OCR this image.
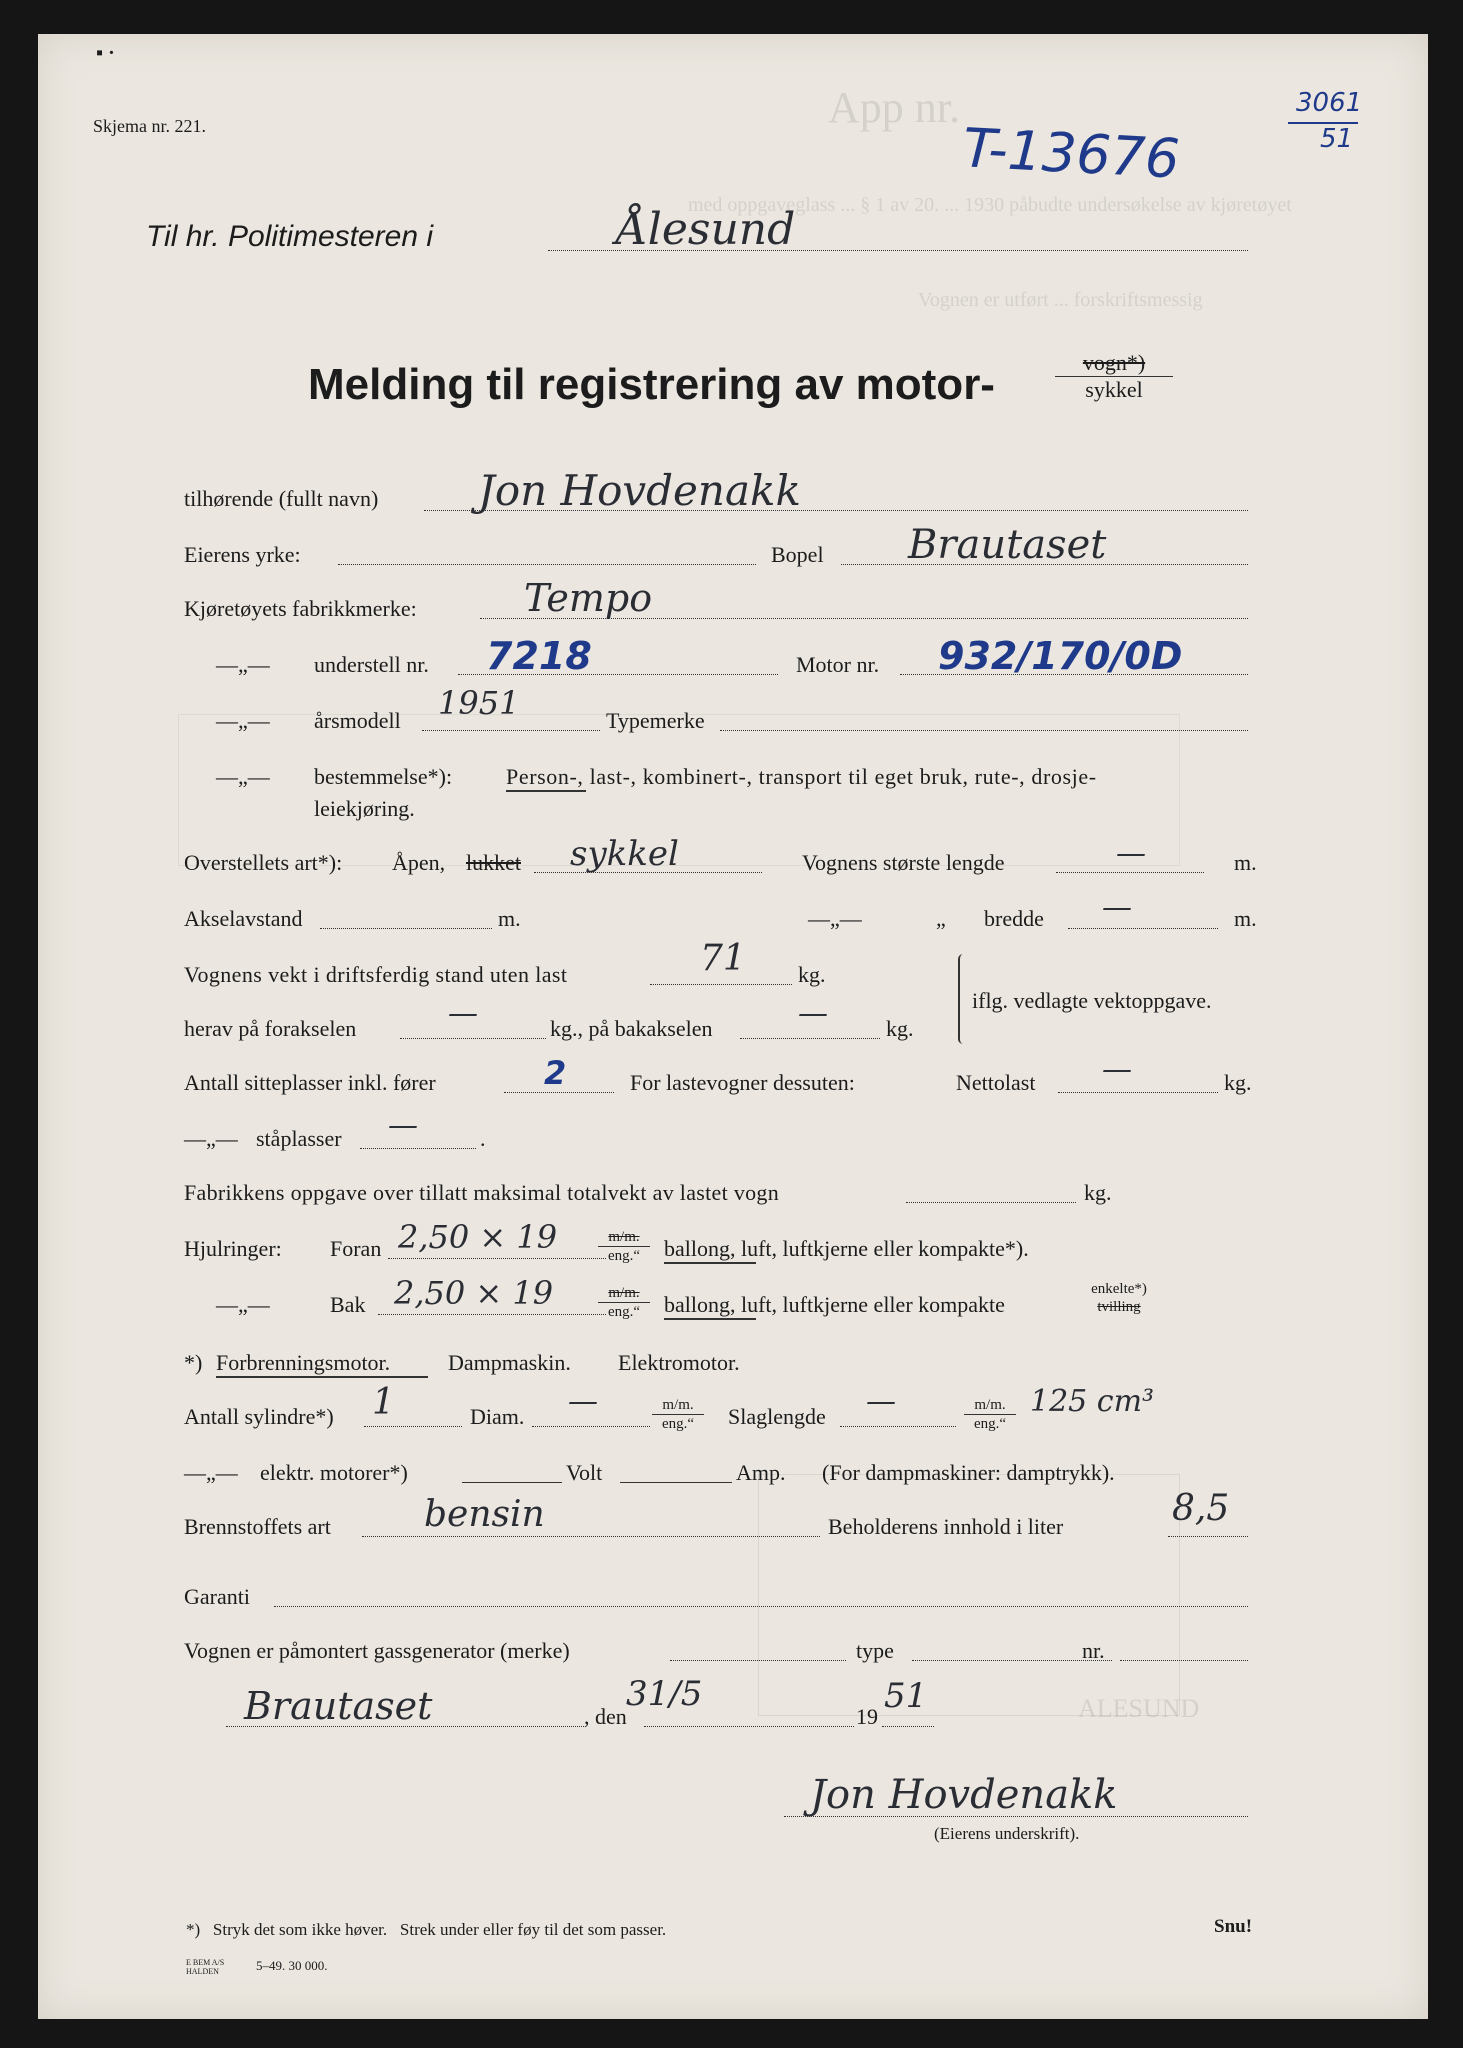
App nr.
med oppgaveglass ... § 1 av 20. ... 1930 påbudte undersøkelse av kjøretøyet
Vognen er utført ... forskriftsmessig
ALESUND
▪ ·
Skjema nr. 221.	T-13676
3061
51
Til hr. Politimesteren i	Ålesund
Melding til registrering av motor-	vogn*)
sykkel
tilhørende (fullt navn) Jon Hovdenakk
Eierens yrke:	Bopel Brautaset
Kjøretøyets fabrikkmerke:	Tempo
—„— understell nr. 7218	Motor nr. 932/170/0D
—„— årsmodell 1951	Typemerke
—„— bestemmelse*): Person-, last-, kombinert-, transport til eget bruk, rute-, drosje-
leiekjøring.
Overstellets art*): Åpen, lukket sykkel	Vognens største lengde	—	m.
Akselavstand	m.	—„—	„ bredde —	m.
Vognens vekt i driftsferdig stand uten last	71 kg.
herav på forakselen	—	kg., på bakakselen	—	kg.
iflg. vedlagte vektoppgave.
Antall sitteplasser inkl. fører	2	For lastevogner dessuten:	Nettolast —	kg.
—„— ståplasser —	.
Fabrikkens oppgave over tillatt maksimal totalvekt av lastet vogn	kg.
Hjulringer: Foran 2,50 × 19	m/m.
eng.“	ballong, luft, luftkjerne eller kompakte*).
—„—	Bak 2,50 × 19	m/m.
eng.“	ballong, luft, luftkjerne eller kompakte
enkelte*) tvilling
*) Forbrenningsmotor.	Dampmaskin. Elektromotor.
Antall sylindre*) 1	Diam. —	m/m.
eng.“	Slaglengde —	m/m.
eng.“
125 cm³
—„— elektr. motorer*)	Volt	Amp. (For dampmaskiner: damptrykk).
Brennstoffets art	bensin	Beholderens innhold i liter	8,5
Garanti
Vognen er påmontert gassgenerator (merke)	type	nr.
Brautaset	, den
31/5
19
51
Jon Hovdenakk
(Eierens underskrift).
*)   Stryk det som ikke høver.   Strek under eller føy til det som passer.	Snu!
E BEM A/S
HALDEN	5–49. 30 000.
